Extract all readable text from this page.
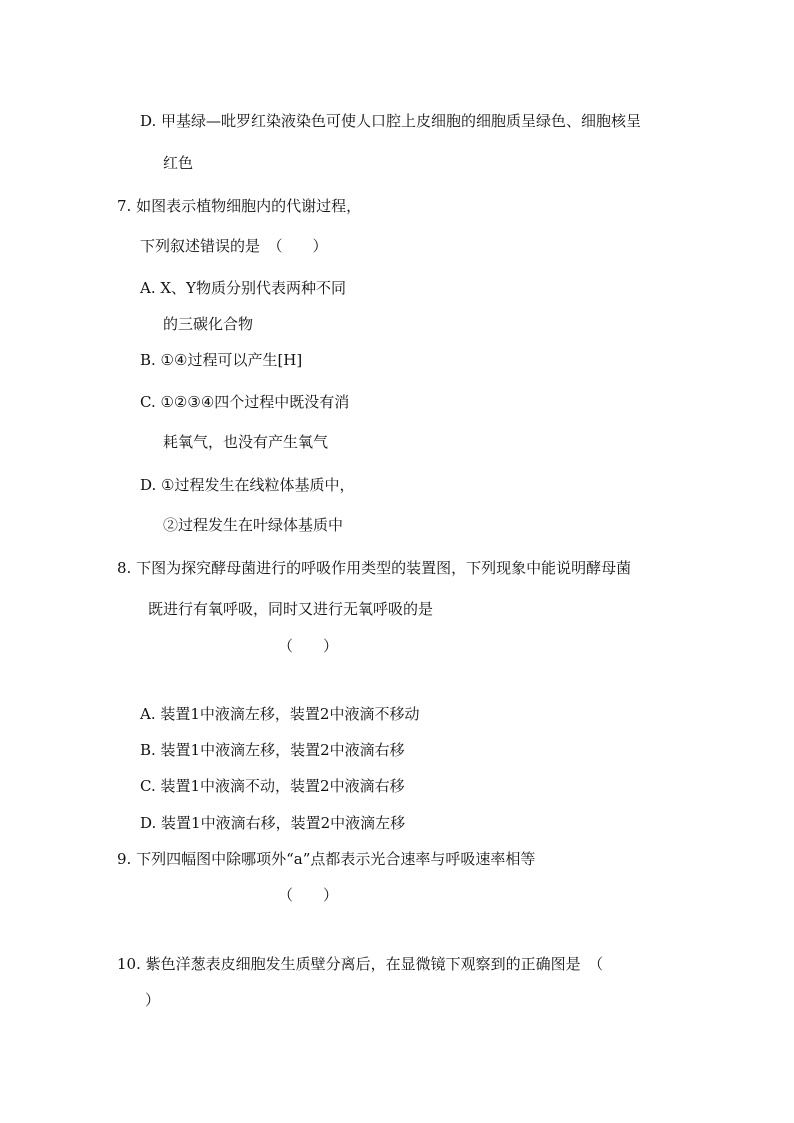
D. 甲基绿—吡罗红染液染色可使人口腔上皮细胞的细胞质呈绿色、细胞核呈
红色
7. 如图表示植物细胞内的代谢过程，
下列叙述错误的是　（　　）
A. X、Y物质分别代表两种不同
的三碳化合物
B. ①④过程可以产生[H]
C. ①②③④四个过程中既没有消
耗氧气，也没有产生氧气
D. ①过程发生在线粒体基质中，
②过程发生在叶绿体基质中
8. 下图为探究酵母菌进行的呼吸作用类型的装置图，下列现象中能说明酵母菌
既进行有氧呼吸，同时又进行无氧呼吸的是
（　　）
A. 装置1中液滴左移，装置2中液滴不移动
B. 装置1中液滴左移，装置2中液滴右移
C. 装置1中液滴不动，装置2中液滴右移
D. 装置1中液滴右移，装置2中液滴左移
9. 下列四幅图中除哪项外“a”点都表示光合速率与呼吸速率相等
（　　）
10. 紫色洋葱表皮细胞发生质壁分离后，在显微镜下观察到的正确图是　（
）
